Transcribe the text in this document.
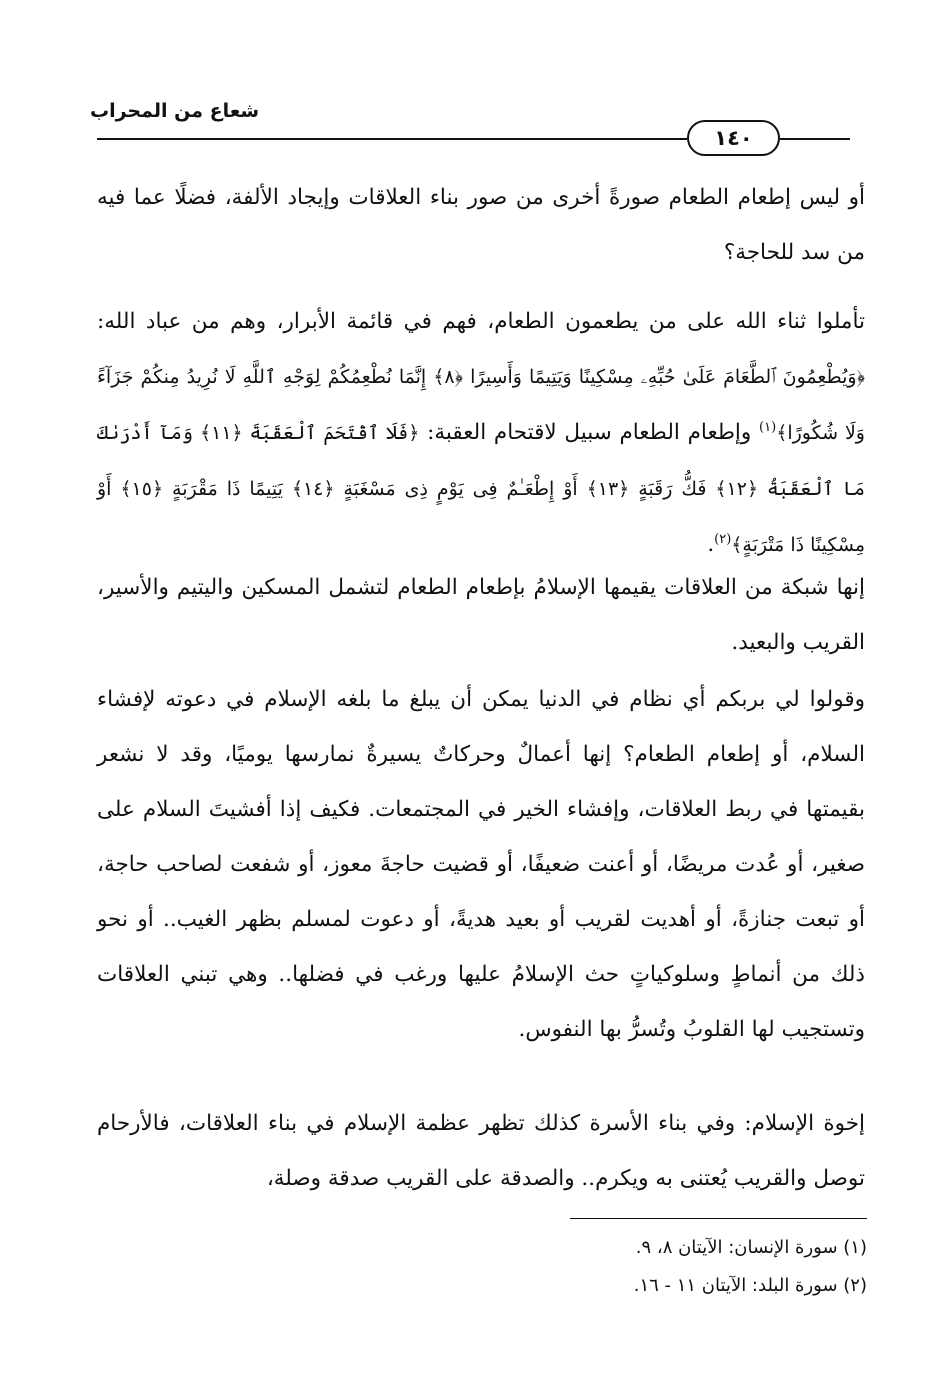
شعاع من المحراب
١٤٠
أو ليس إطعام الطعام صورةً أخرى من صور بناء العلاقات وإيجاد الألفة، فضلًا عما فيه من سد للحاجة؟
تأملوا ثناء الله على من يطعمون الطعام، فهم في قائمة الأبرار، وهم من عباد الله: ﴿وَيُطْعِمُونَ ٱلطَّعَامَ عَلَىٰ حُبِّهِۦ مِسْكِينًا وَيَتِيمًا وَأَسِيرًا ﴿٨﴾ إِنَّمَا نُطْعِمُكُمْ لِوَجْهِ ٱللَّهِ لَا نُرِيدُ مِنكُمْ جَزَآءً وَلَا شُكُورًا﴾$^{(١)}$ وإطعام الطعام سبيل لاقتحام العقبة: ﴿فَلَا ٱقْتَحَمَ ٱلْعَقَبَةَ ﴿١١﴾ وَمَآ أَدْرَىٰكَ مَا ٱلْعَقَبَةُ ﴿١٢﴾ فَكُّ رَقَبَةٍ ﴿١٣﴾ أَوْ إِطْعَـٰمٌ فِى يَوْمٍ ذِى مَسْغَبَةٍ ﴿١٤﴾ يَتِيمًا ذَا مَقْرَبَةٍ ﴿١٥﴾ أَوْ مِسْكِينًا ذَا مَتْرَبَةٍ﴾$^{(٢)}$.
إنها شبكة من العلاقات يقيمها الإسلامُ بإطعام الطعام لتشمل المسكين واليتيم والأسير، القريب والبعيد.
وقولوا لي بربكم أي نظام في الدنيا يمكن أن يبلغ ما بلغه الإسلام في دعوته لإفشاء السلام، أو إطعام الطعام؟ إنها أعمالٌ وحركاتٌ يسيرةٌ نمارسها يوميًا، وقد لا نشعر بقيمتها في ربط العلاقات، وإفشاء الخير في المجتمعات. فكيف إذا أفشيتَ السلام على صغير، أو عُدت مريضًا، أو أعنت ضعيفًا، أو قضيت حاجةَ معوز، أو شفعت لصاحب حاجة، أو تبعت جنازةً، أو أهديت لقريب أو بعيد هديةً، أو دعوت لمسلم بظهر الغيب.. أو نحو ذلك من أنماطٍ وسلوكياتٍ حث الإسلامُ عليها ورغب في فضلها.. وهي تبني العلاقات وتستجيب لها القلوبُ وتُسرُّ بها النفوس.
إخوة الإسلام: وفي بناء الأسرة كذلك تظهر عظمة الإسلام في بناء العلاقات، فالأرحام توصل والقريب يُعتنى به ويكرم.. والصدقة على القريب صدقة وصلة،
(١) سورة الإنسان: الآيتان ٨، ٩.
(٢) سورة البلد: الآيتان ١١ - ١٦.
